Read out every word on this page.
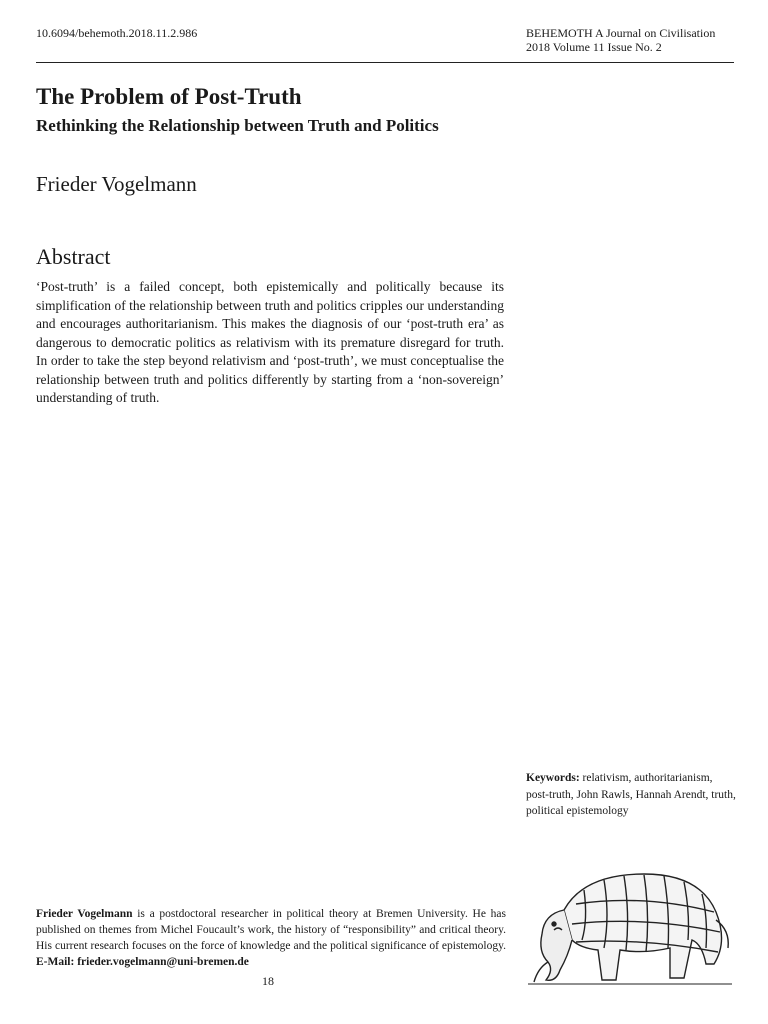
10.6094/behemoth.2018.11.2.986	BEHEMOTH A Journal on Civilisation
2018 Volume 11 Issue No. 2
The Problem of Post-Truth
Rethinking the Relationship between Truth and Politics
Frieder Vogelmann
Abstract

‘Post-truth’ is a failed concept, both epistemically and politically because its simplification of the relationship between truth and politics cripples our understanding and encourages authoritarianism. This makes the diagnosis of our ‘post-truth era’ as dangerous to democratic politics as relativism with its premature disregard for truth. In order to take the step beyond relativism and ‘post-truth’, we must conceptualise the relationship between truth and politics differently by starting from a ‘non-sovereign’ understanding of truth.

Keywords: relativism, authoritarianism, post-truth, John Rawls, Hannah Arendt, truth, political epistemology
Frieder Vogelmann is a postdoctoral researcher in political theory at Bremen University. He has published on themes from Michel Foucault’s work, the history of “responsibility” and critical theory. His current research focuses on the force of knowledge and the political significance of epistemology. E-Mail: frieder.vogelmann@uni-bremen.de
18
